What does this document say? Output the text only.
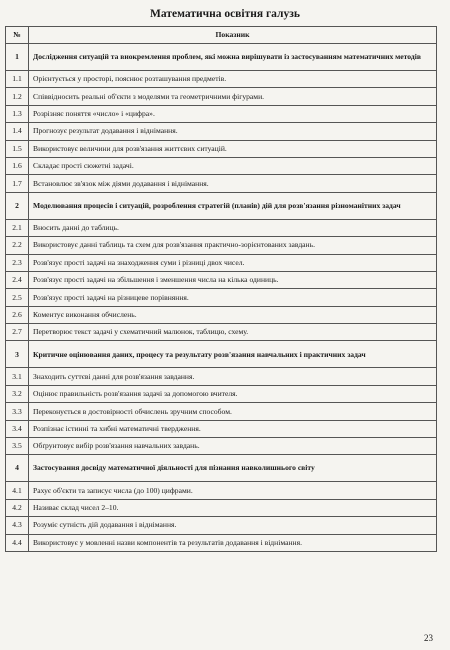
Математична освітня галузь
№	Показник
1	Дослідження ситуацій та виокремлення проблем, які можна вирішувати із застосуванням математичних методів
1.1	Орієнтується у просторі, пояснює розташування предметів.
1.2	Співвідносить реальні об'єкти з моделями та геометричними фігурами.
1.3	Розрізняє поняття «число» і «цифра».
1.4	Прогнозує результат додавання і віднімання.
1.5	Використовує величини для розв'язання життєвих ситуацій.
1.6	Складає прості сюжетні задачі.
1.7	Встановлює зв'язок між діями додавання і віднімання.
2	Моделювання процесів і ситуацій, розроблення стратегій (планів) дій для розв'язання різноманітних задач
2.1	Вносить данні до таблиць.
2.2	Використовує данні таблиць та схем для розв'язання практично-зорієнтованих завдань.
2.3	Розв'язує прості задачі на знаходження суми і різниці двох чисел.
2.4	Розв'язує прості задачі на збільшення і зменшення числа на кілька одиниць.
2.5	Розв'язує прості задачі на різницеве порівняння.
2.6	Коментує виконання обчислень.
2.7	Перетворює текст задачі у схематичний малюнок, таблицю, схему.
3	Критичне оцінювання даних, процесу та результату розв'язання навчальних і практичних задач
3.1	Знаходить суттєві данні для розв'язання завдання.
3.2	Оцінює правильність розв'язання задачі за допомогою вчителя.
3.3	Переконується в достовірності обчислень зручним способом.
3.4	Розпізнає істинні та хибні математичні твердження.
3.5	Обґрунтовує вибір розв'язання навчальних завдань.
4	Застосування досвіду математичної діяльності для пізнання навколишнього світу
4.1	Рахує об'єкти та записує числа (до 100) цифрами.
4.2	Називає склад чисел 2–10.
4.3	Розуміє сутність дій додавання і віднімання.
4.4	Використовує у мовленні назви компонентів та результатів додавання і віднімання.
23
